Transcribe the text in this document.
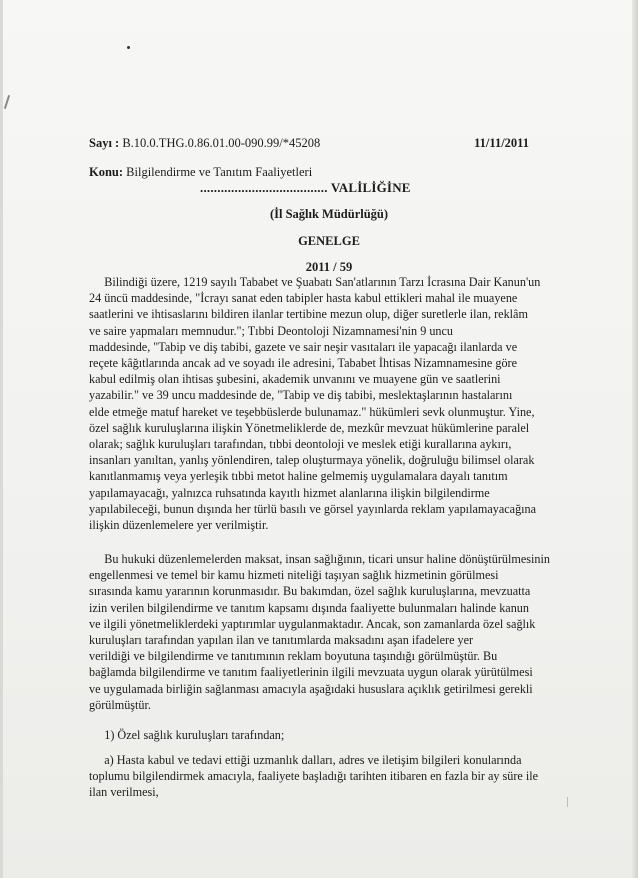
Sayı : B.10.0.THG.0.86.01.00-090.99/*45208	11/11/2011
Konu: Bilgilendirme ve Tanıtım Faaliyetleri
..................................... VALİLİĞİNE
(İl Sağlık Müdürlüğü)
GENELGE
2011 / 59
Bilindiği üzere, 1219 sayılı Tababet ve Şuabatı San'atlarının Tarzı İcrasına Dair Kanun'un
24 üncü maddesinde, "İcrayı sanat eden tabipler hasta kabul ettikleri mahal ile muayene
saatlerini ve ihtisaslarını bildiren ilanlar tertibine mezun olup, diğer suretlerle ilan, reklâm
ve saire yapmaları memnudur."; Tıbbi Deontoloji Nizamnamesi'nin 9 uncu
maddesinde, "Tabip ve diş tabibi, gazete ve sair neşir vasıtaları ile yapacağı ilanlarda ve
reçete kâğıtlarında ancak ad ve soyadı ile adresini, Tababet İhtisas Nizamnamesine göre
kabul edilmiş olan ihtisas şubesini, akademik unvanını ve muayene gün ve saatlerini
yazabilir." ve 39 uncu maddesinde de, "Tabip ve diş tabibi, meslektaşlarının hastalarını
elde etmeğe matuf hareket ve teşebbüslerde bulunamaz." hükümleri sevk olunmuştur. Yine,
özel sağlık kuruluşlarına ilişkin Yönetmeliklerde de, mezkûr mevzuat hükümlerine paralel
olarak; sağlık kuruluşları tarafından, tıbbi deontoloji ve meslek etiği kurallarına aykırı,
insanları yanıltan, yanlış yönlendiren, talep oluşturmaya yönelik, doğruluğu bilimsel olarak
kanıtlanmamış veya yerleşik tıbbi metot haline gelmemiş uygulamalara dayalı tanıtım
yapılamayacağı, yalnızca ruhsatında kayıtlı hizmet alanlarına ilişkin bilgilendirme
yapılabileceği, bunun dışında her türlü basılı ve görsel yayınlarda reklam yapılamayacağına
ilişkin düzenlemelere yer verilmiştir.
Bu hukuki düzenlemelerden maksat, insan sağlığının, ticari unsur haline dönüştürülmesinin
engellenmesi ve temel bir kamu hizmeti niteliği taşıyan sağlık hizmetinin görülmesi
sırasında kamu yararının korunmasıdır. Bu bakımdan, özel sağlık kuruluşlarına, mevzuatta
izin verilen bilgilendirme ve tanıtım kapsamı dışında faaliyette bulunmaları halinde kanun
ve ilgili yönetmeliklerdeki yaptırımlar uygulanmaktadır. Ancak, son zamanlarda özel sağlık
kuruluşları tarafından yapılan ilan ve tanıtımlarda maksadını aşan ifadelere yer
verildiği ve bilgilendirme ve tanıtımının reklam boyutuna taşındığı görülmüştür. Bu
bağlamda bilgilendirme ve tanıtım faaliyetlerinin ilgili mevzuata uygun olarak yürütülmesi
ve uygulamada birliğin sağlanması amacıyla aşağıdaki hususlara açıklık getirilmesi gerekli
görülmüştür.
1) Özel sağlık kuruluşları tarafından;
a) Hasta kabul ve tedavi ettiği uzmanlık dalları, adres ve iletişim bilgileri konularında
toplumu bilgilendirmek amacıyla, faaliyete başladığı tarihten itibaren en fazla bir ay süre ile
ilan verilmesi,
